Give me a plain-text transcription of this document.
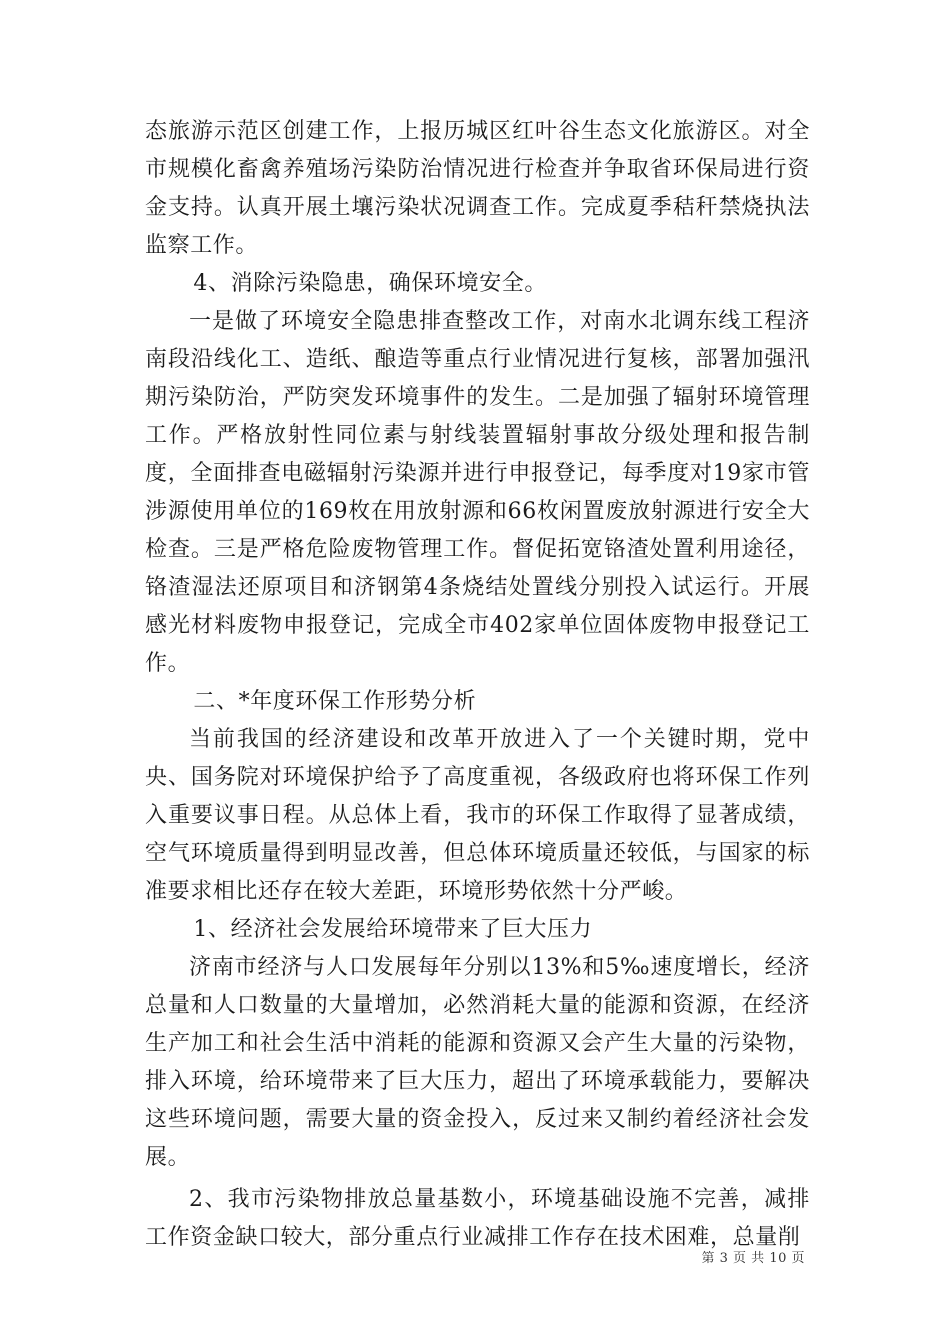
态旅游示范区创建工作，上报历城区红叶谷生态文化旅游区。对全市规模化畜禽养殖场污染防治情况进行检查并争取省环保局进行资金支持。认真开展土壤污染状况调查工作。完成夏季秸秆禁烧执法监察工作。

4、消除污染隐患，确保环境安全。

一是做了环境安全隐患排查整改工作，对南水北调东线工程济南段沿线化工、造纸、酿造等重点行业情况进行复核，部署加强汛期污染防治，严防突发环境事件的发生。二是加强了辐射环境管理工作。严格放射性同位素与射线装置辐射事故分级处理和报告制度，全面排查电磁辐射污染源并进行申报登记，每季度对19家市管涉源使用单位的169枚在用放射源和66枚闲置废放射源进行安全大检查。三是严格危险废物管理工作。督促拓宽铬渣处置利用途径，铬渣湿法还原项目和济钢第4条烧结处置线分别投入试运行。开展感光材料废物申报登记，完成全市402家单位固体废物申报登记工作。

二、*年度环保工作形势分析

当前我国的经济建设和改革开放进入了一个关键时期，党中央、国务院对环境保护给予了高度重视，各级政府也将环保工作列入重要议事日程。从总体上看，我市的环保工作取得了显著成绩，空气环境质量得到明显改善，但总体环境质量还较低，与国家的标准要求相比还存在较大差距，环境形势依然十分严峻。

1、经济社会发展给环境带来了巨大压力

济南市经济与人口发展每年分别以13%和5‰速度增长，经济总量和人口数量的大量增加，必然消耗大量的能源和资源，在经济生产加工和社会生活中消耗的能源和资源又会产生大量的污染物，排入环境，给环境带来了巨大压力，超出了环境承载能力，要解决这些环境问题，需要大量的资金投入，反过来又制约着经济社会发展。

2、我市污染物排放总量基数小，环境基础设施不完善，减排工作资金缺口较大，部分重点行业减排工作存在技术困难，总量削

第 3 页 共 10 页
